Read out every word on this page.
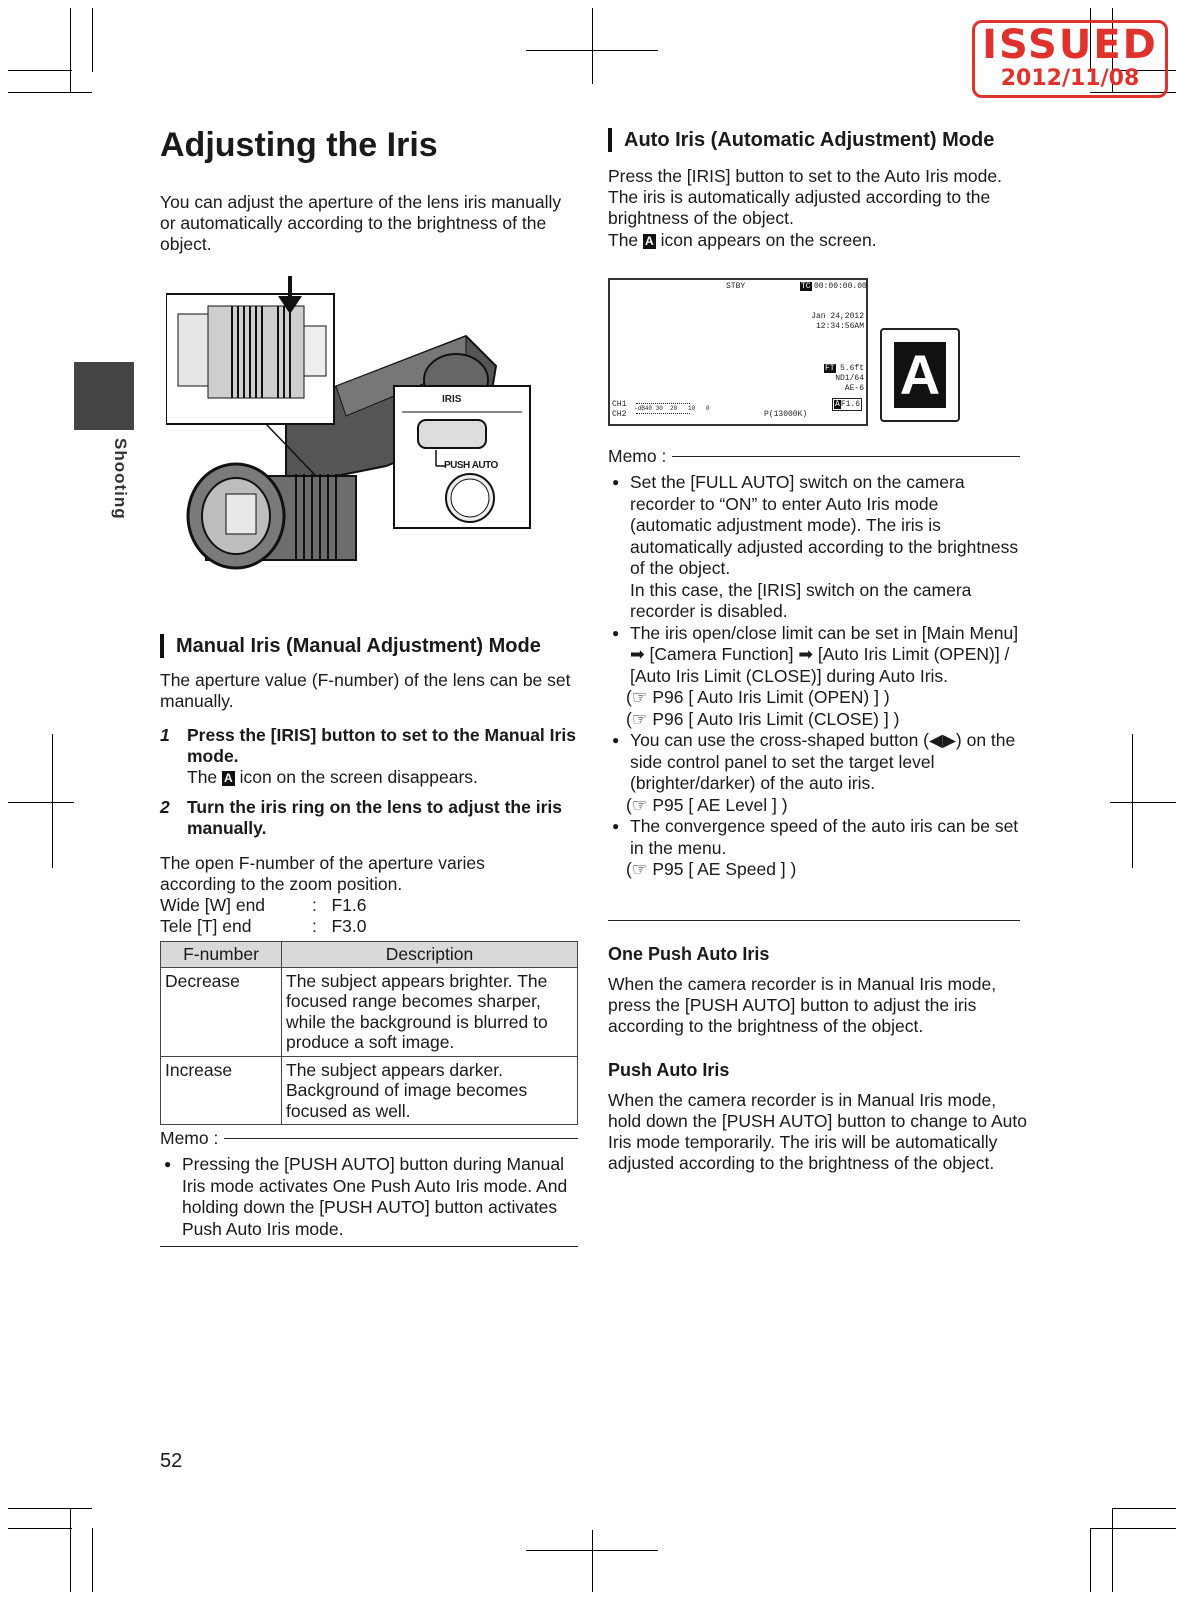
ISSUED
2012/11/08
Shooting
Adjusting the Iris
You can adjust the aperture of the lens iris manually or automatically according to the brightness of the object.
IRIS
PUSH AUTO
Manual Iris (Manual Adjustment) Mode
The aperture value (F-number) of the lens can be set manually.
1 Press the [IRIS] button to set to the Manual Iris mode.
The A icon on the screen disappears.
2 Turn the iris ring on the lens to adjust the iris manually.
The open F-number of the aperture varies according to the zoom position.
Wide [W] end	:   F1.6
Tele [T] end	:   F3.0
F-number	Description
Decrease	The subject appears brighter. The focused range becomes sharper, while the background is blurred to produce a soft image.
Increase	The subject appears darker. Background of image becomes focused as well.
Memo :
● Pressing the [PUSH AUTO] button during Manual Iris mode activates One Push Auto Iris mode. And holding down the [PUSH AUTO] button activates Push Auto Iris mode.
52
Auto Iris (Automatic Adjustment) Mode
Press the [IRIS] button to set to the Auto Iris mode. The iris is automatically adjusted according to the brightness of the object.
The A icon appears on the screen.
STBY	TC 00:00:00.00
Jan 24,2012
12:34:56AM
FT 5.6ft
ND1/64
AE-6
CH1
CH2
-dB40 30  20   10   0
P(13000K)
AF1.6 A
Memo :
● Set the [FULL AUTO] switch on the camera recorder to “ON” to enter Auto Iris mode (automatic adjustment mode). The iris is automatically adjusted according to the brightness of the object.
In this case, the [IRIS] switch on the camera recorder is disabled.
● The iris open/close limit can be set in [Main Menu] ➡ [Camera Function] ➡ [Auto Iris Limit (OPEN)] / [Auto Iris Limit (CLOSE)] during Auto Iris.
(☞ P96 [ Auto Iris Limit (OPEN) ] )
(☞ P96 [ Auto Iris Limit (CLOSE) ] )
● You can use the cross-shaped button (◀▶) on the side control panel to set the target level (brighter/darker) of the auto iris.
(☞ P95 [ AE Level ] )
● The convergence speed of the auto iris can be set in the menu.
(☞ P95 [ AE Speed ] )
One Push Auto Iris
When the camera recorder is in Manual Iris mode, press the [PUSH AUTO] button to adjust the iris according to the brightness of the object.
Push Auto Iris
When the camera recorder is in Manual Iris mode, hold down the [PUSH AUTO] button to change to Auto Iris mode temporarily. The iris will be automatically adjusted according to the brightness of the object.
